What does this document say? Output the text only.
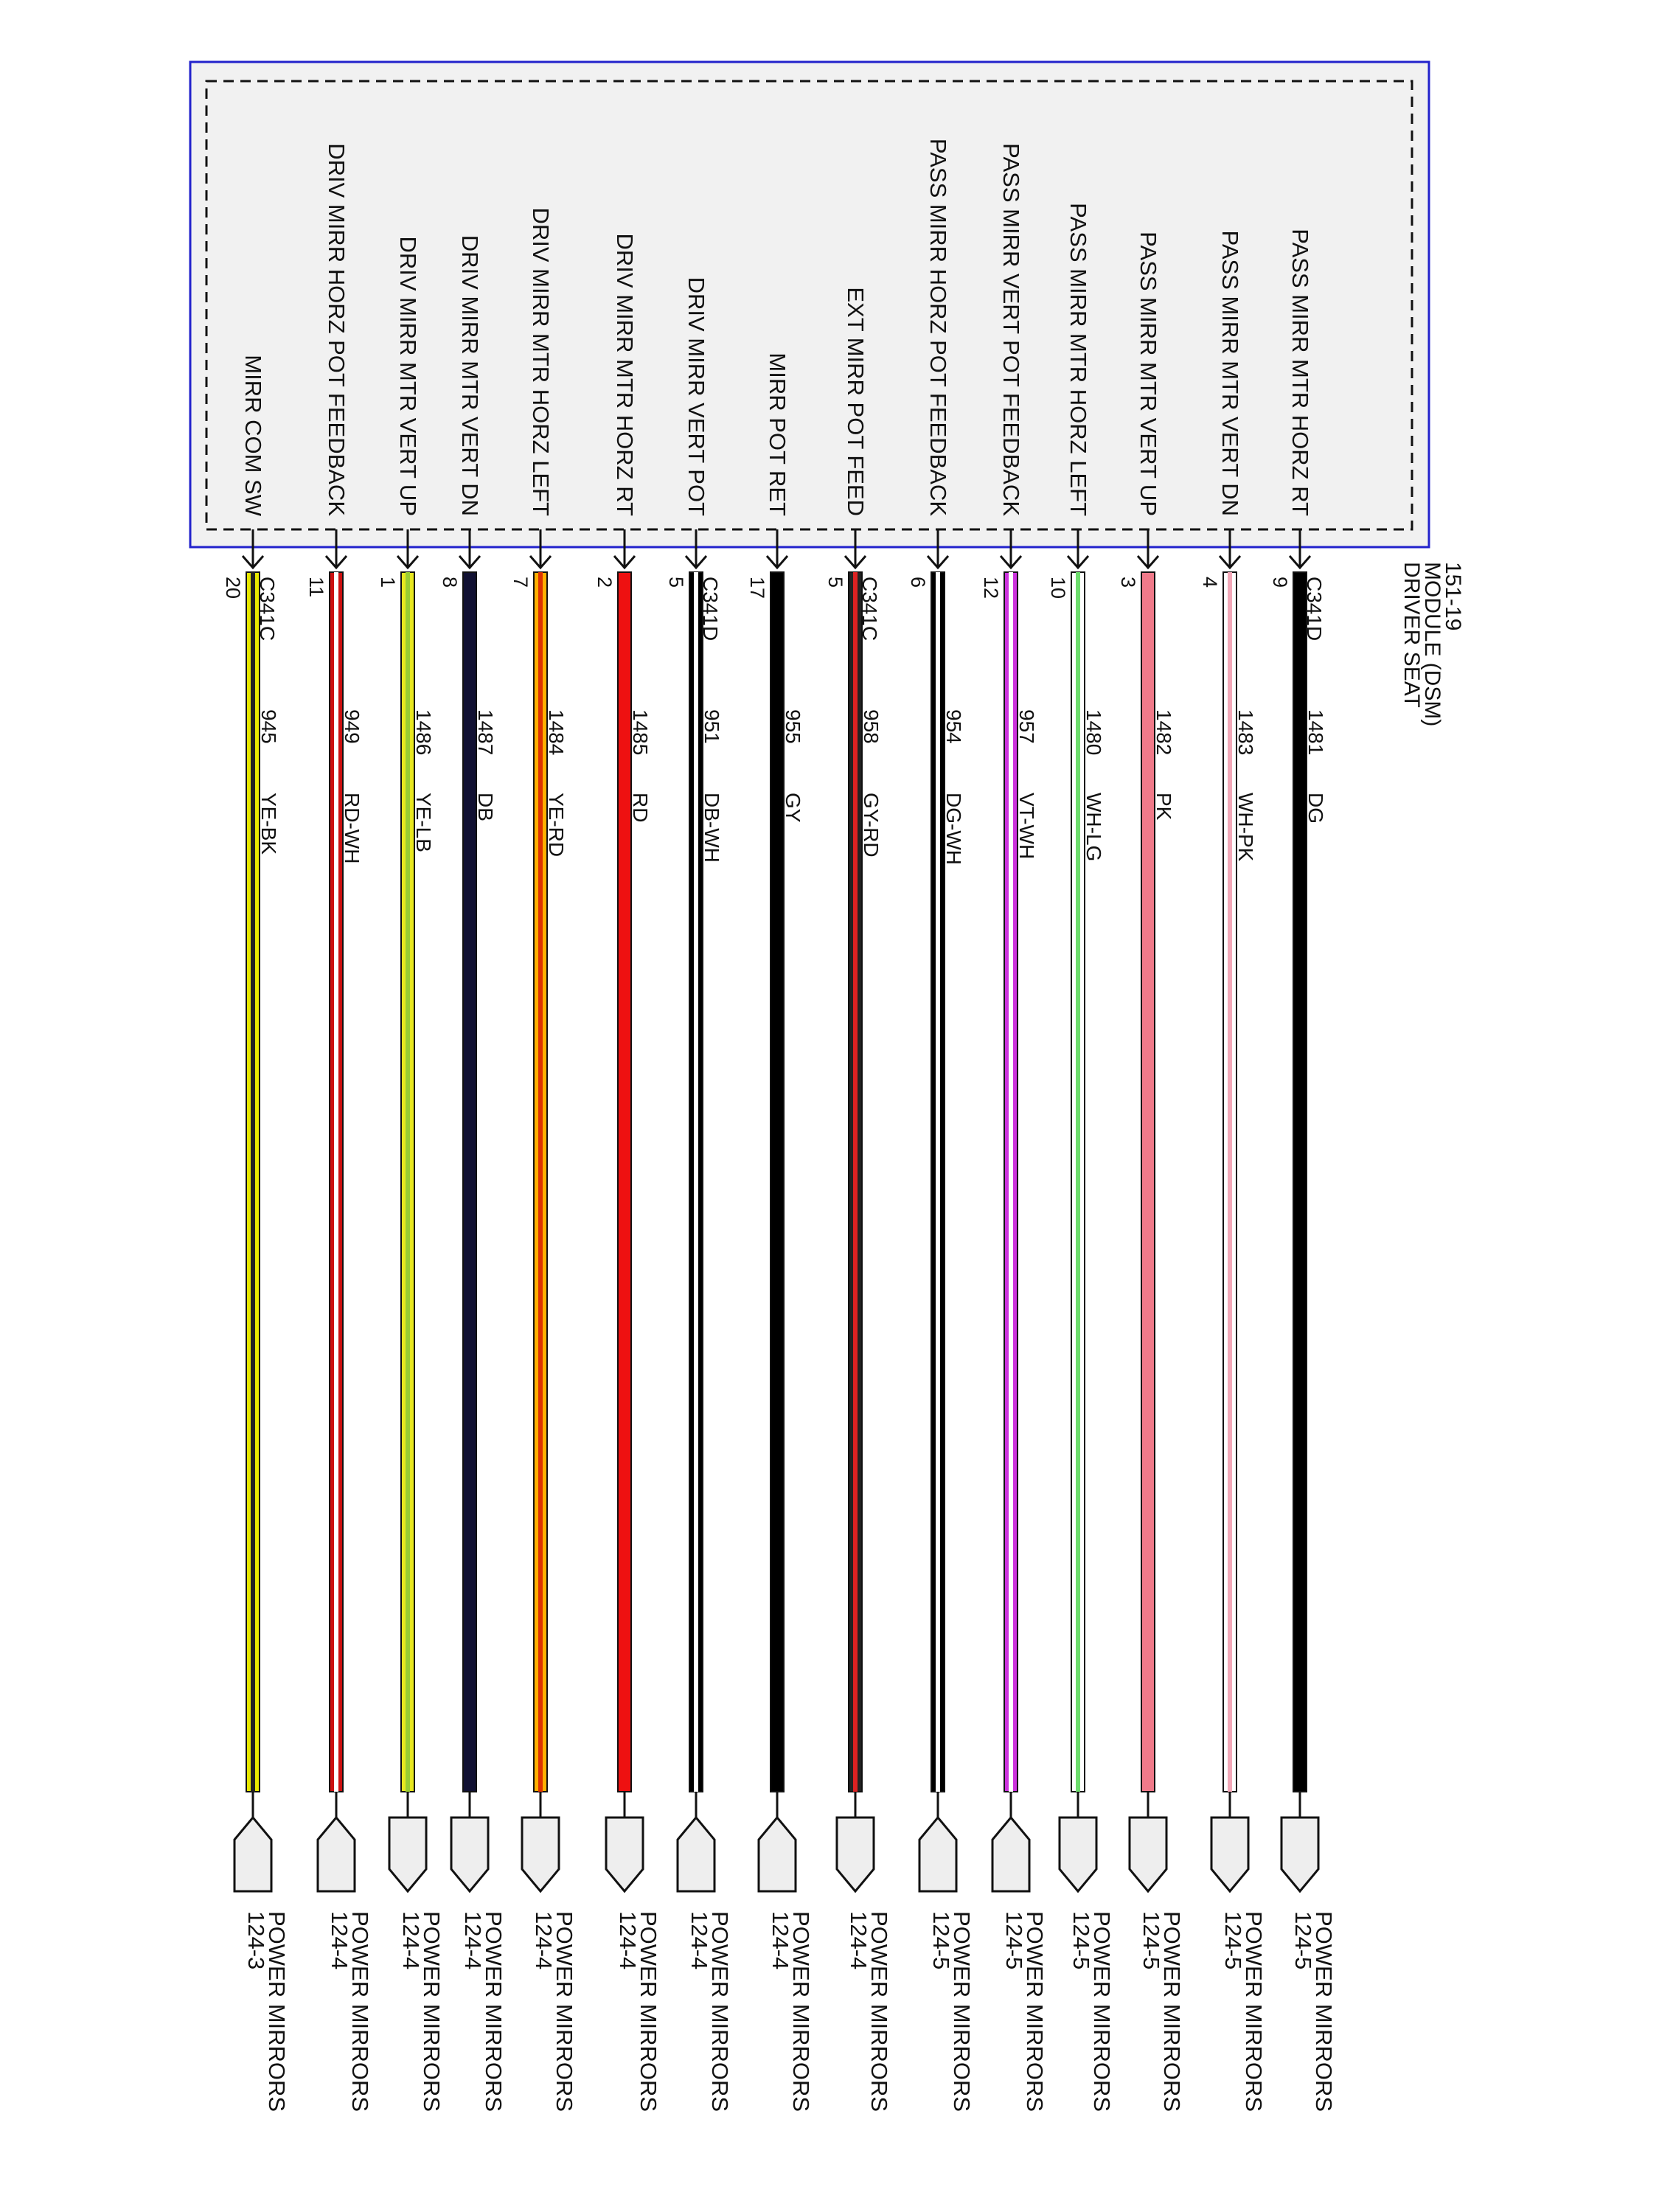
DRIVER SEAT
MODULE (DSM)
151-19
PASS MIRR MTR HORZ RT
9 C341D
1481
DG
POWER MIRRORS
124-5
PASS MIRR MTR VERT DN
4
1483
WH-PK
POWER MIRRORS
124-5
PASS MIRR MTR VERT UP
3
1482
PK
POWER MIRRORS
124-5
PASS MIRR MTR HORZ LEFT
10
1480
WH-LG
POWER MIRRORS
124-5
PASS MIRR VERT POT FEEDBACK
12
957
VT-WH
POWER MIRRORS
124-5
PASS MIRR HORZ POT FEEDBACK
6
954
DG-WH
POWER MIRRORS
124-5
EXT MIRR POT FEED
5 C341C
958
GY-RD
POWER MIRRORS
124-4
MIRR POT RET
17
955
GY
POWER MIRRORS
124-4
DRIV MIRR VERT POT
5 C341D
951
DB-WH
POWER MIRRORS
124-4
DRIV MIRR MTR HORZ RT
2
1485
RD
POWER MIRRORS
124-4
DRIV MIRR MTR HORZ LEFT
7
1484
YE-RD
POWER MIRRORS
124-4
DRIV MIRR MTR VERT DN
8
1487
DB
POWER MIRRORS
124-4
DRIV MIRR MTR VERT UP
1
1486
YE-LB
POWER MIRRORS
124-4
DRIV MIRR HORZ POT FEEDBACK
11
949
RD-WH
POWER MIRRORS
124-4
MIRR COM SW
20 C341C
945
YE-BK
POWER MIRRORS
124-3
